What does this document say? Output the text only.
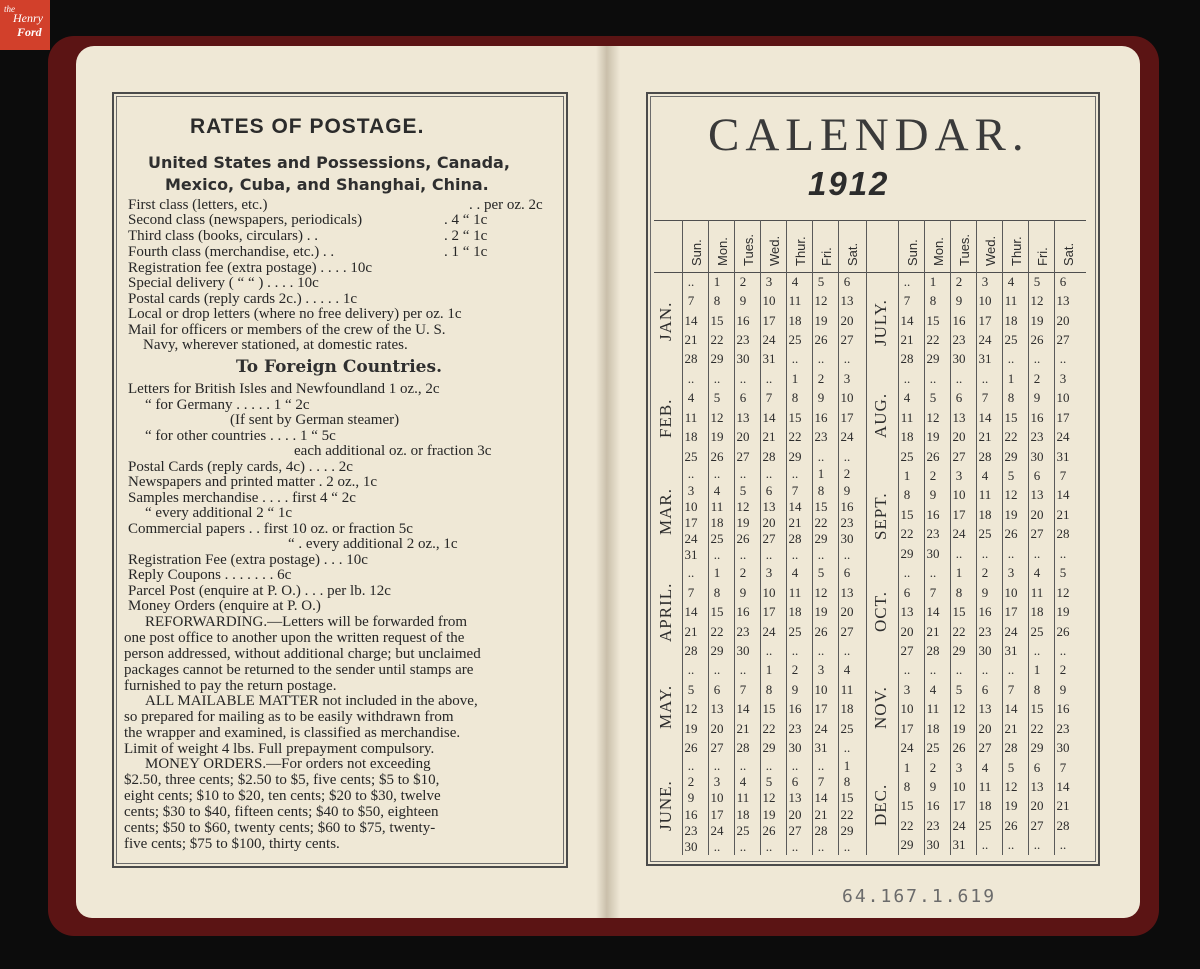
the
Henry
Ford
RATES OF POSTAGE.
United States and Possessions, Canada,
Mexico, Cuba, and Shanghai, China.
To Foreign Countries.
First class (letters, etc.)	. . per oz. 2c
Second class (newspapers, periodicals)	. 4 “ 1c
Third class (books, circulars) . .	. 2 “ 1c
Fourth class (merchandise, etc.) . .	. 1 “ 1c
Registration fee (extra postage) . . . . 10c
Special delivery ( “ “ ) . . . . 10c
Postal cards (reply cards 2c.) . . . . . 1c
Local or drop letters (where no free delivery) per oz. 1c
Mail for officers or members of the crew of the U. S.
Navy, wherever stationed, at domestic rates.
Letters for British Isles and Newfoundland 1 oz., 2c
“ for Germany . . . . . 1 “ 2c
(If sent by German steamer)
“ for other countries . . . . 1 “ 5c
each additional oz. or fraction 3c
Postal Cards (reply cards, 4c) . . . . 2c
Newspapers and printed matter . 2 oz., 1c
Samples merchandise . . . . first 4 “ 2c
“ every additional 2 “ 1c
Commercial papers . . first 10 oz. or fraction 5c
“ . every additional 2 oz., 1c
Registration Fee (extra postage) . . . 10c
Reply Coupons . . . . . . . 6c
Parcel Post (enquire at P. O.) . . . per lb. 12c
Money Orders (enquire at P. O.)
REFORWARDING.—Letters will be forwarded from
one post office to another upon the written request of the
person addressed, without additional charge; but unclaimed
packages cannot be returned to the sender until stamps are
furnished to pay the return postage.
ALL MAILABLE MATTER not included in the above,
so prepared for mailing as to be easily withdrawn from
the wrapper and examined, is classified as merchandise.
Limit of weight 4 lbs. Full prepayment compulsory.
MONEY ORDERS.—For orders not exceeding
$2.50, three cents; $2.50 to $5, five cents; $5 to $10,
eight cents; $10 to $20, ten cents; $20 to $30, twelve
cents; $30 to $40, fifteen cents; $40 to $50, eighteen
cents; $50 to $60, twenty cents; $60 to $75, twenty-
five cents; $75 to $100, thirty cents.
CALENDAR.
1912
Sun. Mon. Tues. Wed. Thur. Fri. Sat.
JAN.
..	1	2	3	4	5	6
7	8	9	10	11	12	13
14	15	16	17	18	19	20
21	22	23	24	25	26	27
28	29	30	31	..	..	..
FEB.
..	..	..	..	1	2	3
4	5	6	7	8	9	10
11	12	13	14	15	16	17
18	19	20	21	22	23	24
25	26	27	28	29	..	..
MAR.
..	..	..	..	..	1	2
3	4	5	6	7	8	9
10	11	12	13	14	15	16
17	18	19	20	21	22	23
24	25	26	27	28	29	30
31	..	..	..	..	..	..
APRIL.
..	1	2	3	4	5	6
7	8	9	10	11	12	13
14	15	16	17	18	19	20
21	22	23	24	25	26	27
28	29	30	..	..	..	..
MAY.
..	..	..	1	2	3	4
5	6	7	8	9	10	11
12	13	14	15	16	17	18
19	20	21	22	23	24	25
26	27	28	29	30	31	..
JUNE.
..	..	..	..	..	..	1
2	3	4	5	6	7	8
9	10	11	12	13	14	15
16	17	18	19	20	21	22
23	24	25	26	27	28	29
30	..	..	..	..	..	..
Sun. Mon. Tues. Wed. Thur. Fri. Sat.
JULY.
..	1	2	3	4	5	6
7	8	9	10	11	12	13
14	15	16	17	18	19	20
21	22	23	24	25	26	27
28	29	30	31	..	..	..
AUG.
..	..	..	..	1	2	3
4	5	6	7	8	9	10
11	12	13	14	15	16	17
18	19	20	21	22	23	24
25	26	27	28	29	30	31
SEPT.
1	2	3	4	5	6	7
8	9	10	11	12	13	14
15	16	17	18	19	20	21
22	23	24	25	26	27	28
29	30	..	..	..	..	..
OCT.
..	..	1	2	3	4	5
6	7	8	9	10	11	12
13	14	15	16	17	18	19
20	21	22	23	24	25	26
27	28	29	30	31	..	..
NOV.
..	..	..	..	..	1	2
3	4	5	6	7	8	9
10	11	12	13	14	15	16
17	18	19	20	21	22	23
24	25	26	27	28	29	30
DEC.
1	2	3	4	5	6	7
8	9	10	11	12	13	14
15	16	17	18	19	20	21
22	23	24	25	26	27	28
29	30	31	..	..	..	..
64.167.1.619
